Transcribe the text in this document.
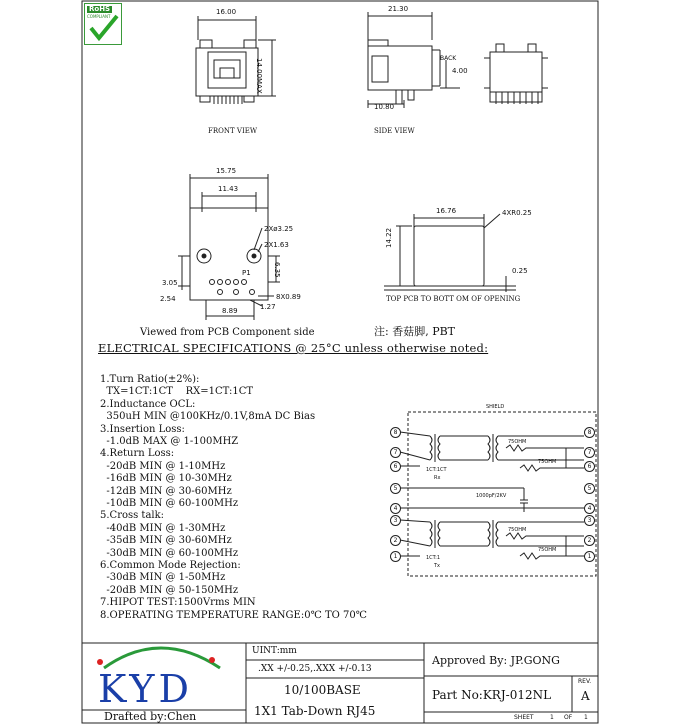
RoHS
COMPLIANT
16.00
14.00MAX
FRONT VIEW
21.30
10.80
BACK
4.00
SIDE VIEW
15.75
11.43
2Xø3.25
2X1.63
6.35
3.05
2.54
P1
8X0.89
1.27
8.89
Viewed from PCB Component side	注: 香菇脚, PBT
16.76
14.22
4XR0.25
0.25
TOP PCB TO BOTT OM OF OPENING
ELECTRICAL SPECIFICATIONS @ 25°C unless otherwise noted:
1.Turn Ratio(±2%):
TX=1CT:1CT    RX=1CT:1CT
2.Inductance OCL:
350uH MIN @100KHz/0.1V,8mA DC Bias
3.Insertion Loss:
-1.0dB MAX @ 1-100MHZ
4.Return Loss:
-20dB MIN @ 1-10MHz
-16dB MIN @ 10-30MHz
-12dB MIN @ 30-60MHz
-10dB MIN @ 60-100MHz
5.Cross talk:
-40dB MIN @ 1-30MHz
-35dB MIN @ 30-60MHz
-30dB MIN @ 60-100MHz
6.Common Mode Rejection:
-30dB MIN @ 1-50MHz
-20dB MIN @ 50-150MHz
7.HIPOT TEST:1500Vrms MIN
8.OPERATING TEMPERATURE RANGE:0℃ TO 70℃
8
7
6
5
4
3
2
1
8
7
6
5
4
3
2
1
SHIELD
75OHM
75OHM
75OHM
75OHM
1000pF/2KV
1CT:1CT
Rx
1CT:1
Tx
KYD
Drafted by:Chen
UINT:mm
.XX +/-0.25,.XXX +/-0.13
10/100BASE
1X1 Tab-Down RJ45
Approved By: JP.GONG
REV.
A
Part No:KRJ-012NL
SHEET	1 OF 1
